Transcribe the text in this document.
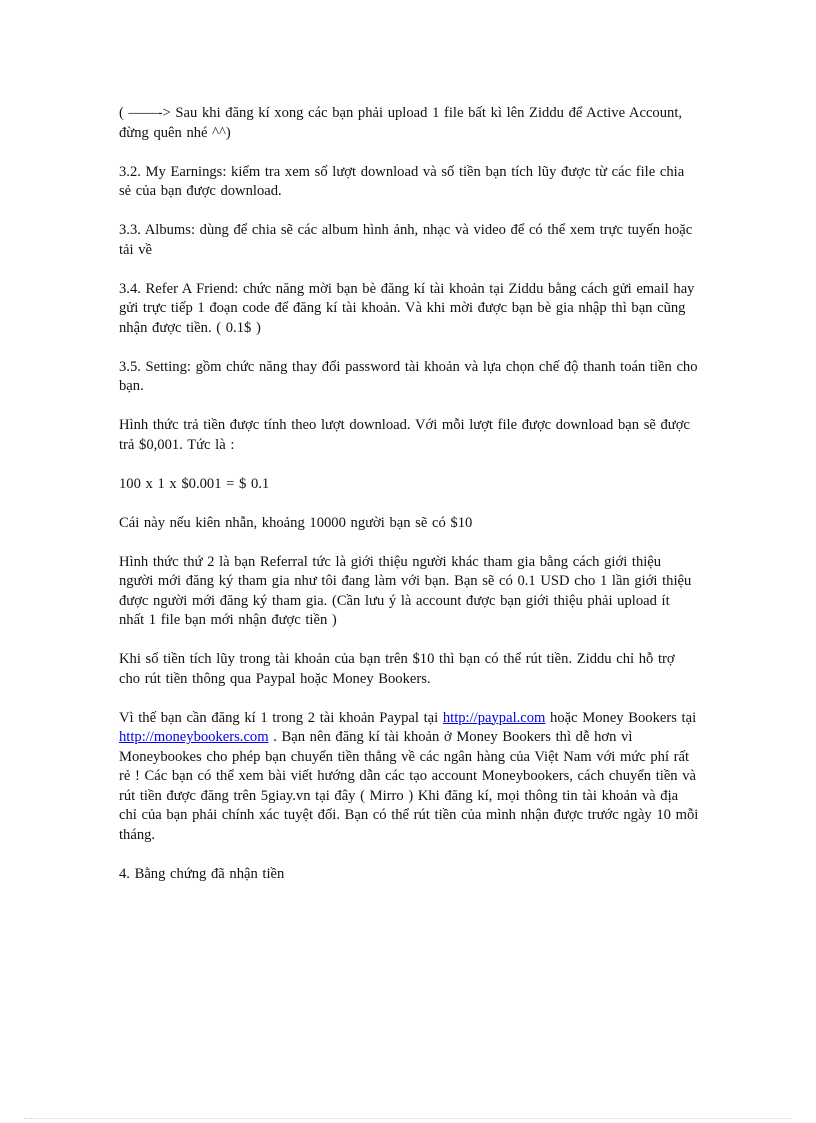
( ——-> Sau khi đăng kí xong các bạn phải upload 1 file bất kì lên Ziddu để Active Account, đừng quên nhé ^^)

3.2. My Earnings: kiểm tra xem số lượt download và số tiền bạn tích lũy được từ các file chia sẻ của bạn được download.

3.3. Albums: dùng để chia sẽ các album hình ảnh, nhạc và video để có thể xem trực tuyến hoặc tải về

3.4. Refer A Friend: chức năng mời bạn bè đăng kí tài khoản tại Ziddu bằng cách gửi email hay gửi trực tiếp 1 đoạn code để đăng kí tài khoản. Và khi mời được bạn bè gia nhập thì bạn cũng nhận được tiền. ( 0.1$ )

3.5. Setting: gồm chức năng thay đổi password tài khoản và lựa chọn chế độ thanh toán tiền cho bạn.

Hình thức trả tiền được tính theo lượt download. Với mỗi lượt file được download bạn sẽ được trả $0,001. Tức là :

100 x 1 x $0.001 = $ 0.1

Cái này nếu kiên nhẫn, khoảng 10000 người bạn sẽ có $10

Hình thức thứ 2 là bạn Referral tức là giới thiệu người khác tham gia bằng cách giới thiệu người mới đăng ký tham gia như tôi đang làm với bạn. Bạn sẽ có 0.1 USD cho 1 lần giới thiệu được người mới đăng ký tham gia. (Cần lưu ý là account được bạn giới thiệu phải upload ít nhất 1 file bạn mới nhận được tiền )

Khi số tiền tích lũy trong tài khoản của bạn trên $10 thì bạn có thể rút tiền. Ziddu chỉ hỗ trợ cho rút tiền thông qua Paypal hoặc Money Bookers.

Vì thế bạn cần đăng kí 1 trong 2 tài khoản Paypal tại http://paypal.com hoặc Money Bookers tại http://moneybookers.com . Bạn nên đăng kí tài khoản ở Money Bookers thì dễ hơn vì Moneybookes cho phép bạn chuyển tiền thẳng về các ngân hàng của Việt Nam với mức phí rất rẻ ! Các bạn có thể xem bài viết hướng dẫn các tạo account Moneybookers, cách chuyển tiền và rút tiền được đăng trên 5giay.vn tại đây ( Mirro ) Khi đăng kí, mọi thông tin tài khoản và địa chỉ của bạn phải chính xác tuyệt đối. Bạn có thể rút tiền của mình nhận được trước ngày 10 mỗi tháng.

4. Bằng chứng đã nhận tiền
